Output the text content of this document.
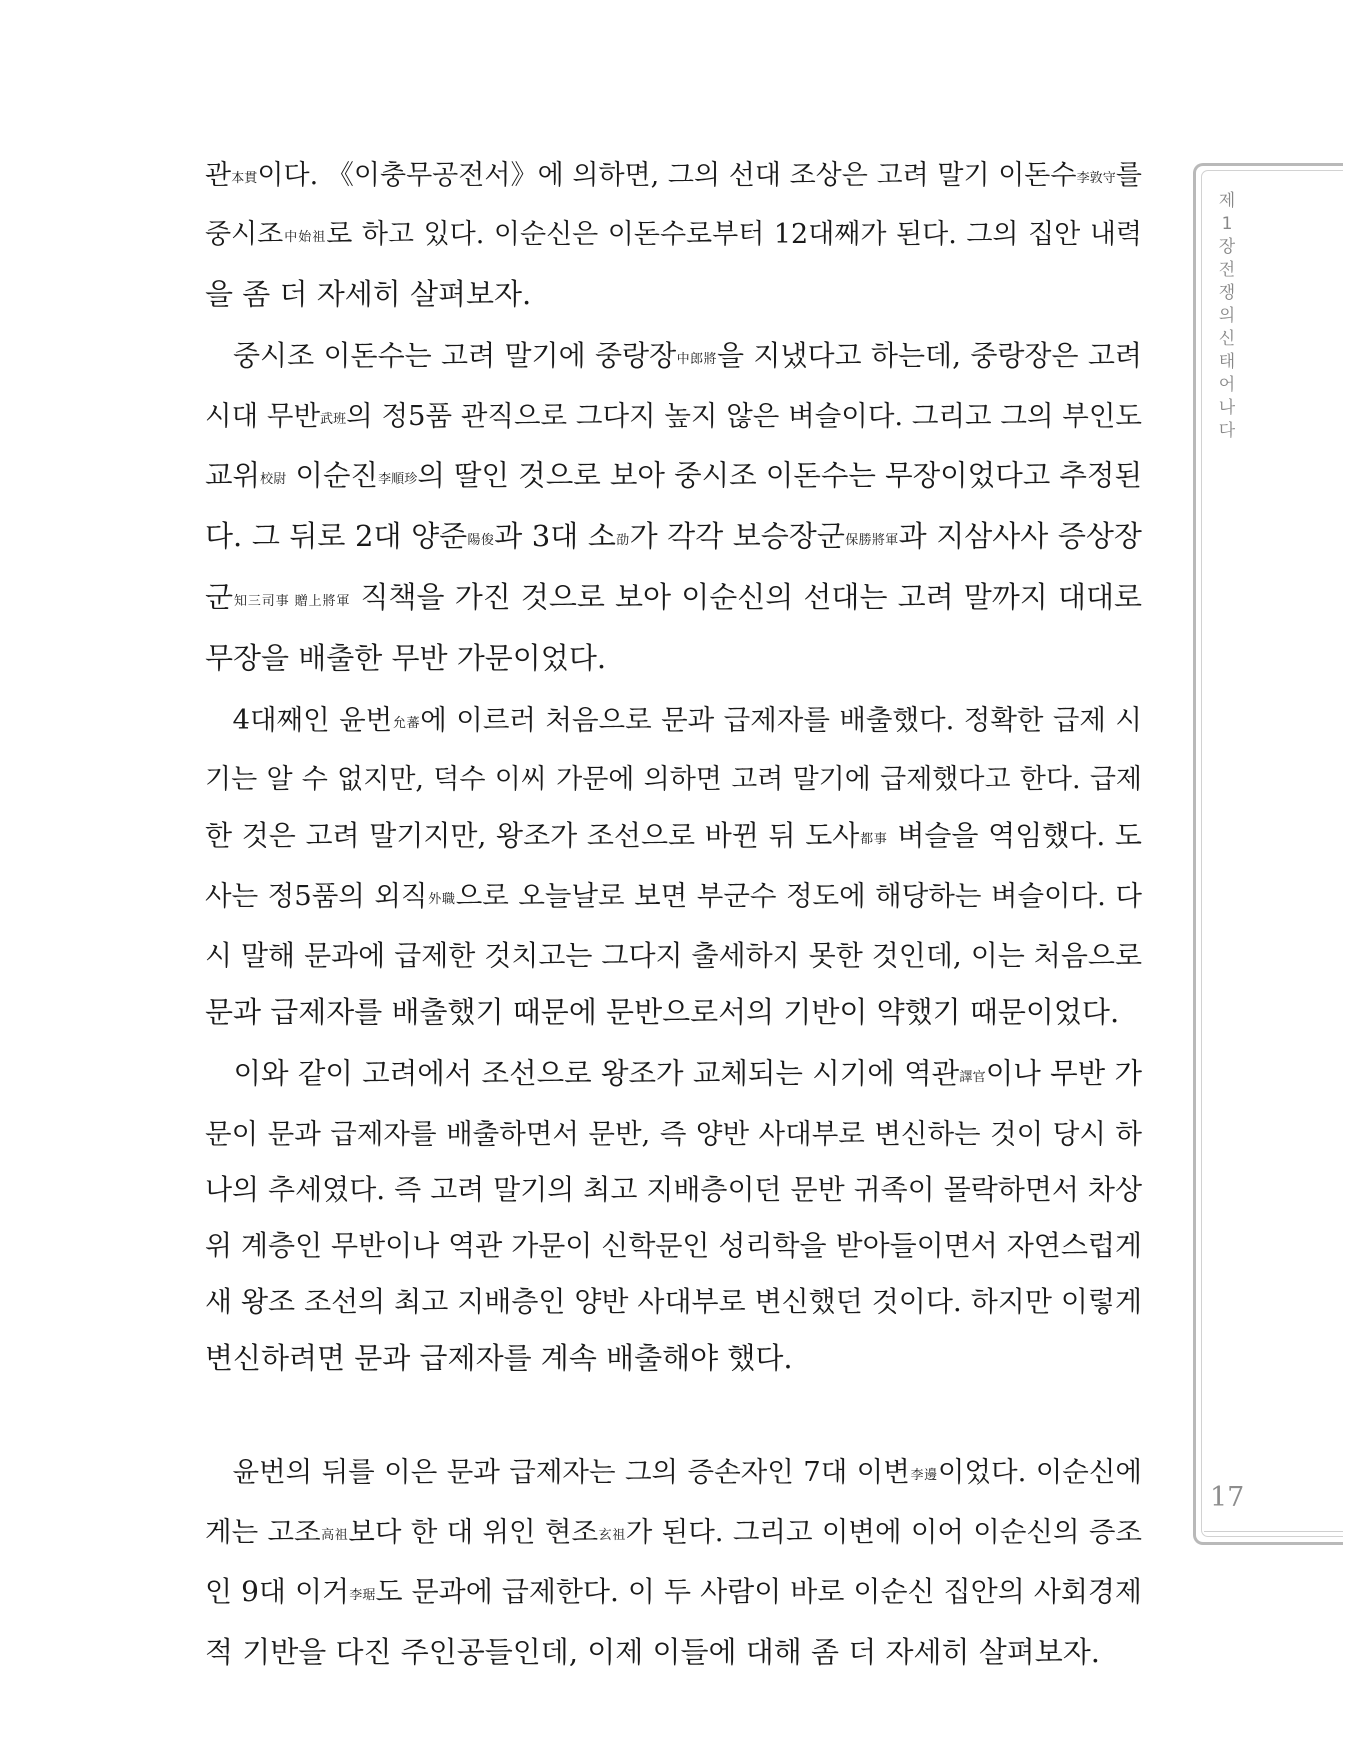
관本貫이다. 《이충무공전서》에 의하면, 그의 선대 조상은 고려 말기 이돈수李敦守를
중시조中始祖로 하고 있다. 이순신은 이돈수로부터 12대째가 된다. 그의 집안 내력
을 좀 더 자세히 살펴보자.

 중시조 이돈수는 고려 말기에 중랑장中郎將을 지냈다고 하는데, 중랑장은 고려
시대 무반武班의 정5품 관직으로 그다지 높지 않은 벼슬이다. 그리고 그의 부인도
교위校尉 이순진李順珍의 딸인 것으로 보아 중시조 이돈수는 무장이었다고 추정된
다. 그 뒤로 2대 양준陽俊과 3대 소劭가 각각 보승장군保勝將軍과 지삼사사 증상장
군知三司事 贈上將軍 직책을 가진 것으로 보아 이순신의 선대는 고려 말까지 대대로
무장을 배출한 무반 가문이었다.

 4대째인 윤번允蕃에 이르러 처음으로 문과 급제자를 배출했다. 정확한 급제 시
기는 알 수 없지만, 덕수 이씨 가문에 의하면 고려 말기에 급제했다고 한다. 급제
한 것은 고려 말기지만, 왕조가 조선으로 바뀐 뒤 도사都事 벼슬을 역임했다. 도
사는 정5품의 외직外職으로 오늘날로 보면 부군수 정도에 해당하는 벼슬이다. 다
시 말해 문과에 급제한 것치고는 그다지 출세하지 못한 것인데, 이는 처음으로
문과 급제자를 배출했기 때문에 문반으로서의 기반이 약했기 때문이었다.

 이와 같이 고려에서 조선으로 왕조가 교체되는 시기에 역관譯官이나 무반 가
문이 문과 급제자를 배출하면서 문반, 즉 양반 사대부로 변신하는 것이 당시 하
나의 추세였다. 즉 고려 말기의 최고 지배층이던 문반 귀족이 몰락하면서 차상
위 계층인 무반이나 역관 가문이 신학문인 성리학을 받아들이면서 자연스럽게
새 왕조 조선의 최고 지배층인 양반 사대부로 변신했던 것이다. 하지만 이렇게
변신하려면 문과 급제자를 계속 배출해야 했다.

 윤번의 뒤를 이은 문과 급제자는 그의 증손자인 7대 이변李邊이었다. 이순신에
게는 고조高祖보다 한 대 위인 현조玄祖가 된다. 그리고 이변에 이어 이순신의 증조
인 9대 이거李琚도 문과에 급제한다. 이 두 사람이 바로 이순신 집안의 사회경제
적 기반을 다진 주인공들인데, 이제 이들에 대해 좀 더 자세히 살펴보자.

제1장 전쟁의 신 태어나다
17
